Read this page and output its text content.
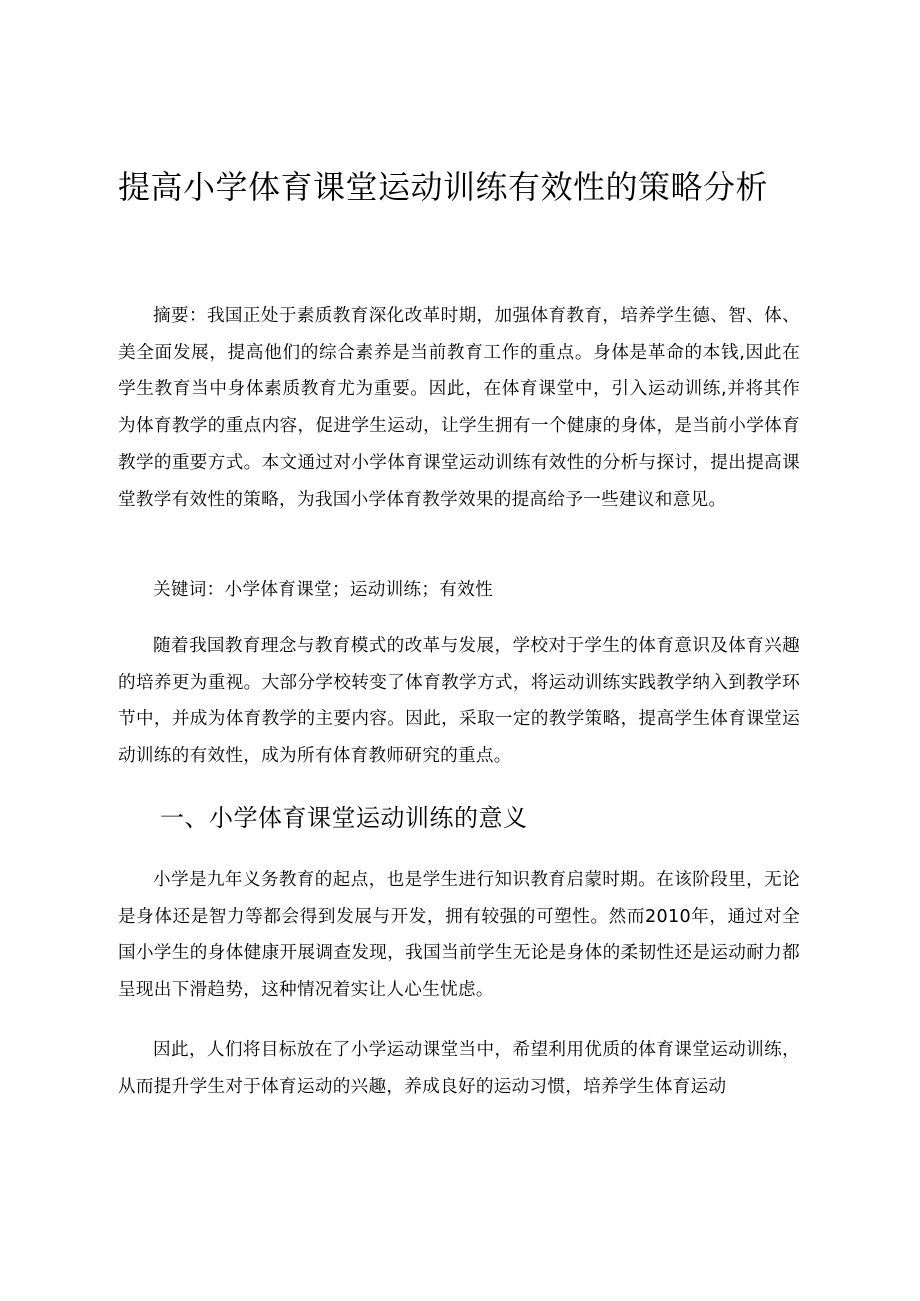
提高小学体育课堂运动训练有效性的策略分析

摘要：我国正处于素质教育深化改革时期，加强体育教育，培养学生德、智、体、美全面发展，提高他们的综合素养是当前教育工作的重点。身体是革命的本钱,因此在学生教育当中身体素质教育尤为重要。因此，在体育课堂中，引入运动训练,并将其作为体育教学的重点内容，促进学生运动，让学生拥有一个健康的身体，是当前小学体育教学的重要方式。本文通过对小学体育课堂运动训练有效性的分析与探讨，提出提高课堂教学有效性的策略，为我国小学体育教学效果的提高给予一些建议和意见。

关键词：小学体育课堂；运动训练；有效性

随着我国教育理念与教育模式的改革与发展，学校对于学生的体育意识及体育兴趣的培养更为重视。大部分学校转变了体育教学方式，将运动训练实践教学纳入到教学环节中，并成为体育教学的主要内容。因此，采取一定的教学策略，提高学生体育课堂运动训练的有效性，成为所有体育教师研究的重点。

一、小学体育课堂运动训练的意义

小学是九年义务教育的起点，也是学生进行知识教育启蒙时期。在该阶段里，无论是身体还是智力等都会得到发展与开发，拥有较强的可塑性。然而2010年，通过对全国小学生的身体健康开展调查发现，我国当前学生无论是身体的柔韧性还是运动耐力都呈现出下滑趋势，这种情况着实让人心生忧虑。

因此，人们将目标放在了小学运动课堂当中，希望利用优质的体育课堂运动训练，从而提升学生对于体育运动的兴趣，养成良好的运动习惯，培养学生体育运动
